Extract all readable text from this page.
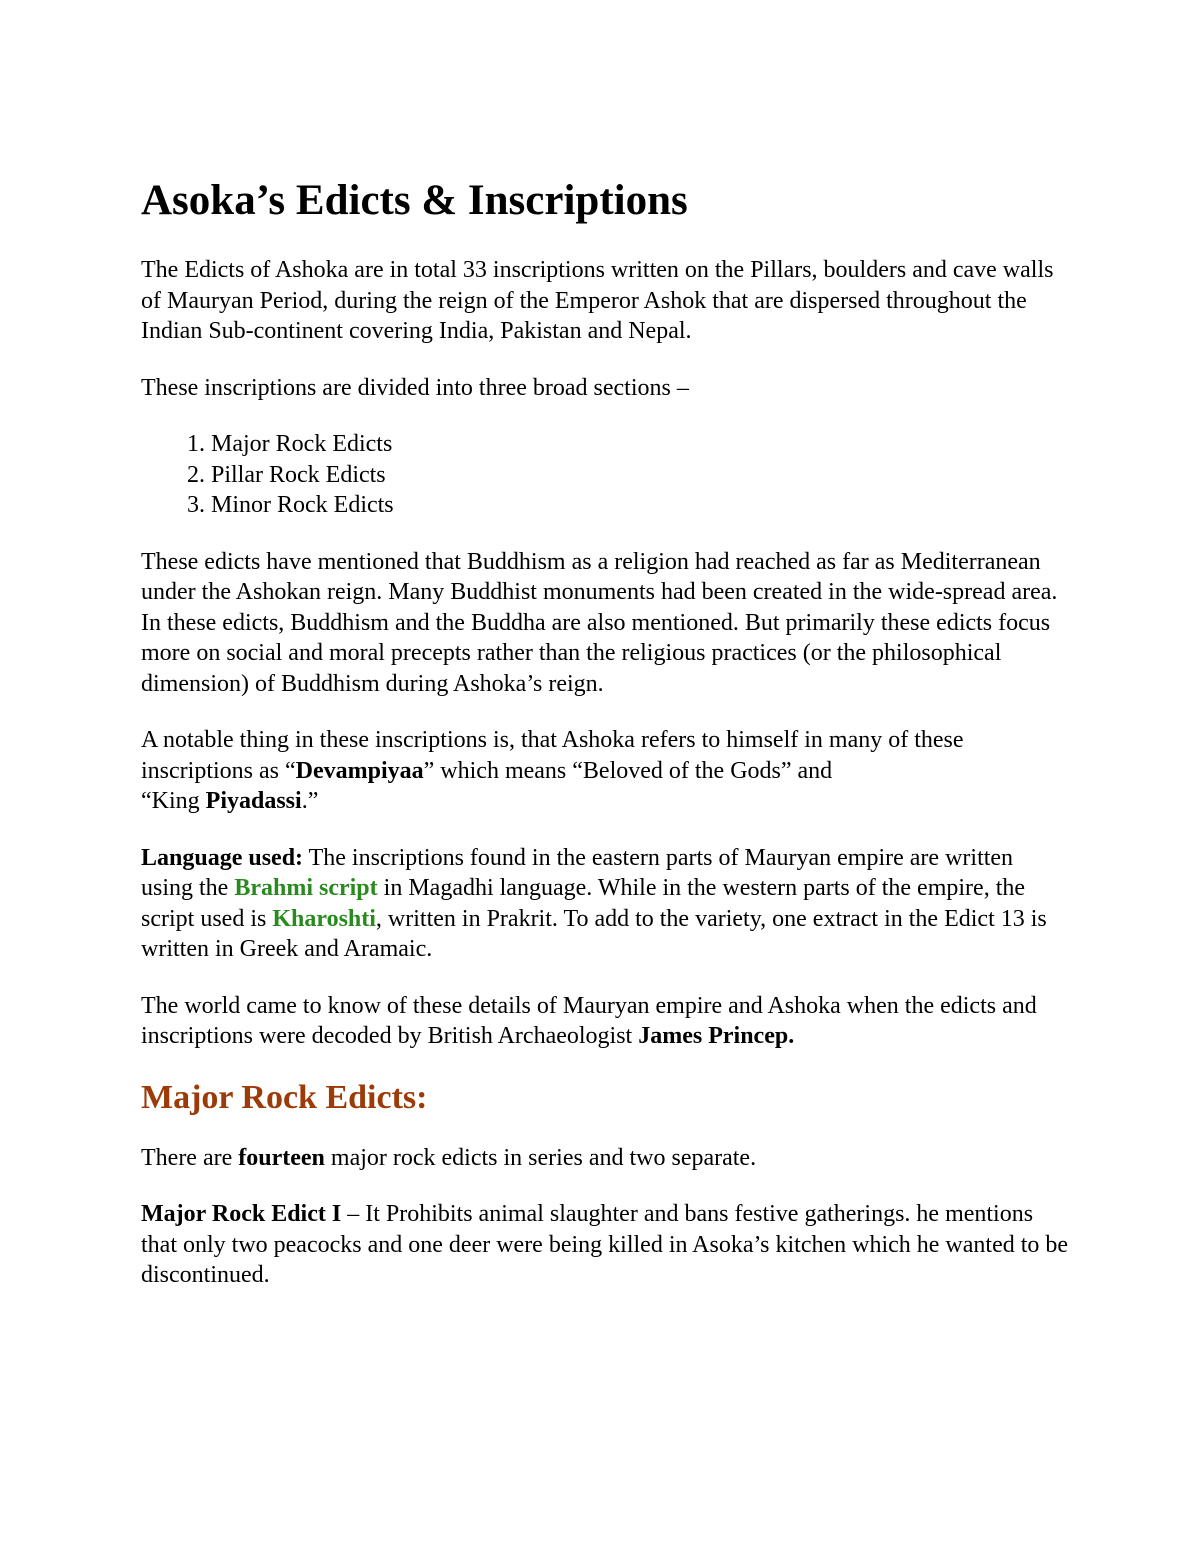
Asoka’s Edicts & Inscriptions

The Edicts of Ashoka are in total 33 inscriptions written on the Pillars, boulders and cave walls of Mauryan Period, during the reign of the Emperor Ashok that are dispersed throughout the Indian Sub-continent covering India, Pakistan and Nepal.

These inscriptions are divided into three broad sections –

1. Major Rock Edicts
2. Pillar Rock Edicts
3. Minor Rock Edicts

These edicts have mentioned that Buddhism as a religion had reached as far as Mediterranean under the Ashokan reign. Many Buddhist monuments had been created in the wide-spread area. In these edicts, Buddhism and the Buddha are also mentioned. But primarily these edicts focus more on social and moral precepts rather than the religious practices (or the philosophical dimension) of Buddhism during Ashoka’s reign.

A notable thing in these inscriptions is, that Ashoka refers to himself in many of these inscriptions as “Devampiyaa” which means “Beloved of the Gods” and
“King Piyadassi.”

Language used: The inscriptions found in the eastern parts of Mauryan empire are written using the Brahmi script in Magadhi language. While in the western parts of the empire, the script used is Kharoshti, written in Prakrit. To add to the variety, one extract in the Edict 13 is written in Greek and Aramaic.

The world came to know of these details of Mauryan empire and Ashoka when the edicts and inscriptions were decoded by British Archaeologist James Princep.

Major Rock Edicts:

There are fourteen major rock edicts in series and two separate.

Major Rock Edict I – It Prohibits animal slaughter and bans festive gatherings. he mentions that only two peacocks and one deer were being killed in Asoka’s kitchen which he wanted to be discontinued.
